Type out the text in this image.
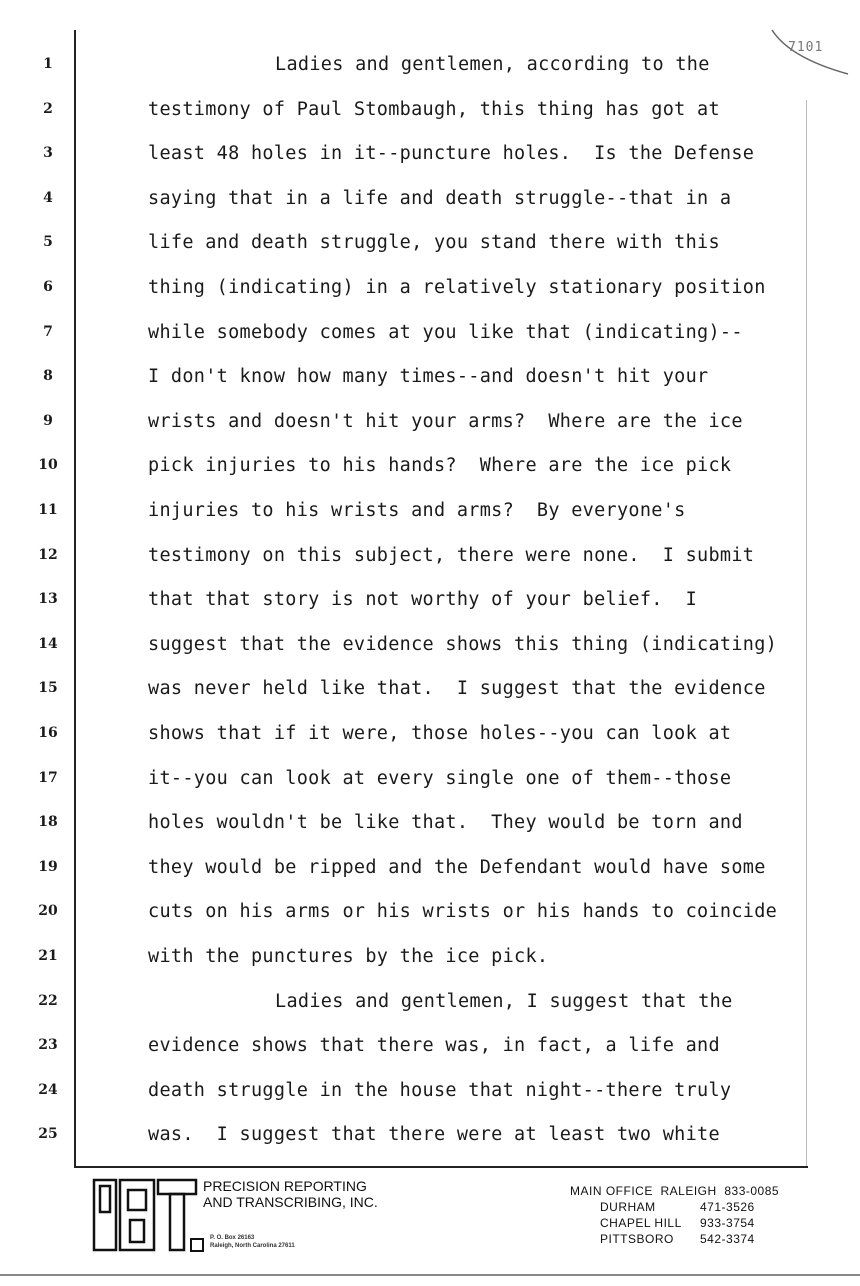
7101
1	Ladies and gentlemen, according to the
2	testimony of Paul Stombaugh, this thing has got at
3	least 48 holes in it--puncture holes.  Is the Defense
4	saying that in a life and death struggle--that in a
5	life and death struggle, you stand there with this
6	thing (indicating) in a relatively stationary position
7	while somebody comes at you like that (indicating)--
8	I don't know how many times--and doesn't hit your
9	wrists and doesn't hit your arms?  Where are the ice
10	pick injuries to his hands?  Where are the ice pick
11	injuries to his wrists and arms?  By everyone's
12	testimony on this subject, there were none.  I submit
13	that that story is not worthy of your belief.  I
14	suggest that the evidence shows this thing (indicating)
15	was never held like that.  I suggest that the evidence
16	shows that if it were, those holes--you can look at
17	it--you can look at every single one of them--those
18	holes wouldn't be like that.  They would be torn and
19	they would be ripped and the Defendant would have some
20	cuts on his arms or his wrists or his hands to coincide
21	with the punctures by the ice pick.
22	Ladies and gentlemen, I suggest that the
23	evidence shows that there was, in fact, a life and
24	death struggle in the house that night--there truly
25	was.  I suggest that there were at least two white
PRECISION REPORTING
AND TRANSCRIBING, INC.
P. O. Box 26163
Raleigh, North Carolina 27611
MAIN OFFICE  RALEIGH  833-0085
DURHAM	471-3526
CHAPEL HILL	933-3754
PITTSBORO	542-3374
